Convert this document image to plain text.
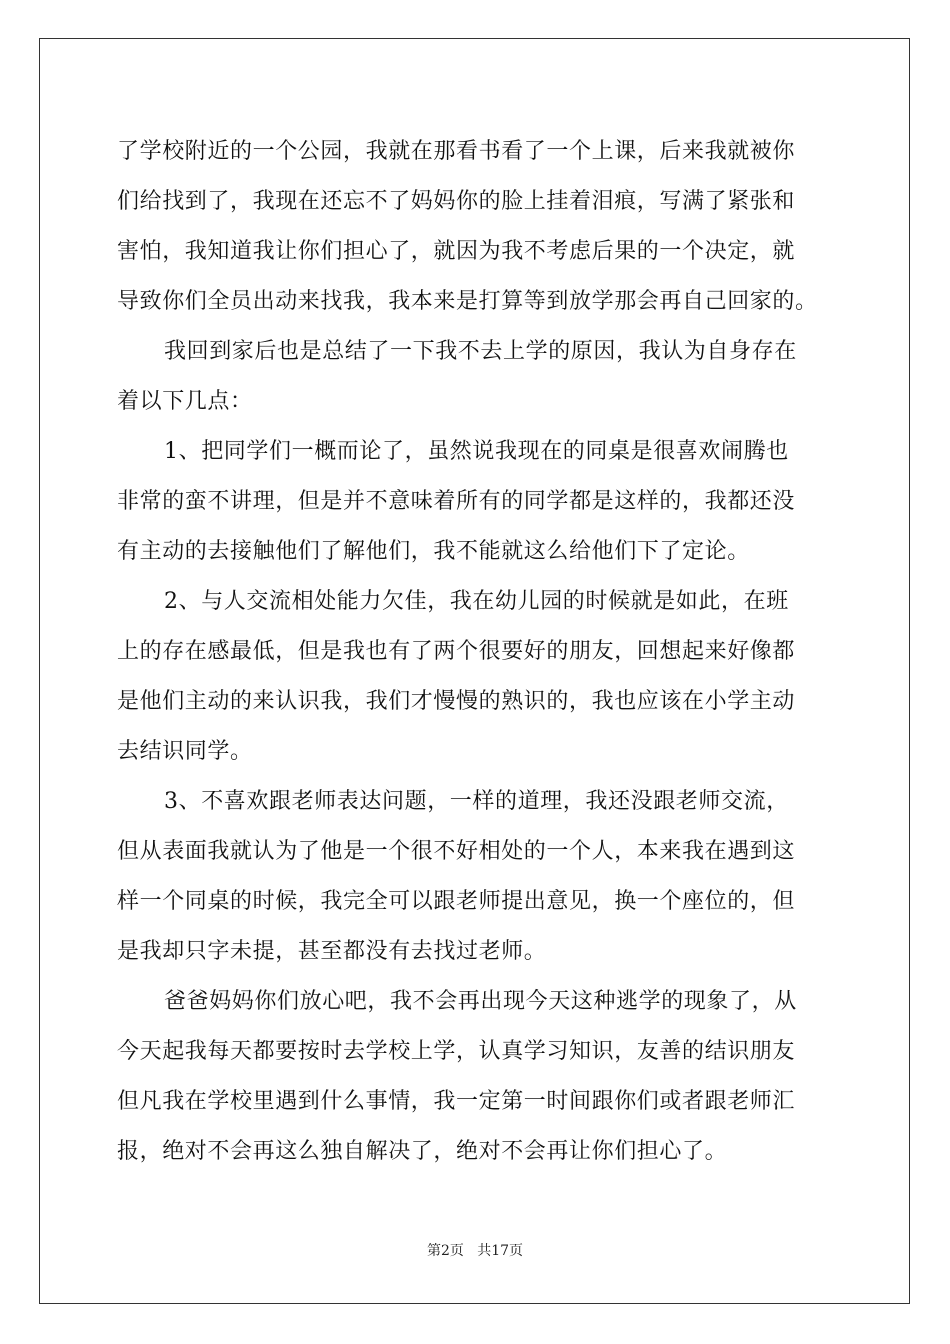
了学校附近的一个公园，我就在那看书看了一个上课，后来我就被你
们给找到了，我现在还忘不了妈妈你的脸上挂着泪痕，写满了紧张和
害怕，我知道我让你们担心了，就因为我不考虑后果的一个决定，就
导致你们全员出动来找我，我本来是打算等到放学那会再自己回家的。
我回到家后也是总结了一下我不去上学的原因，我认为自身存在
着以下几点：
1、把同学们一概而论了，虽然说我现在的同桌是很喜欢闹腾也
非常的蛮不讲理，但是并不意味着所有的同学都是这样的，我都还没
有主动的去接触他们了解他们，我不能就这么给他们下了定论。
2、与人交流相处能力欠佳，我在幼儿园的时候就是如此，在班
上的存在感最低，但是我也有了两个很要好的朋友，回想起来好像都
是他们主动的来认识我，我们才慢慢的熟识的，我也应该在小学主动
去结识同学。
3、不喜欢跟老师表达问题，一样的道理，我还没跟老师交流，
但从表面我就认为了他是一个很不好相处的一个人，本来我在遇到这
样一个同桌的时候，我完全可以跟老师提出意见，换一个座位的，但
是我却只字未提，甚至都没有去找过老师。
爸爸妈妈你们放心吧，我不会再出现今天这种逃学的现象了，从
今天起我每天都要按时去学校上学，认真学习知识，友善的结识朋友
但凡我在学校里遇到什么事情，我一定第一时间跟你们或者跟老师汇
报，绝对不会再这么独自解决了，绝对不会再让你们担心了。
第2页   共17页
